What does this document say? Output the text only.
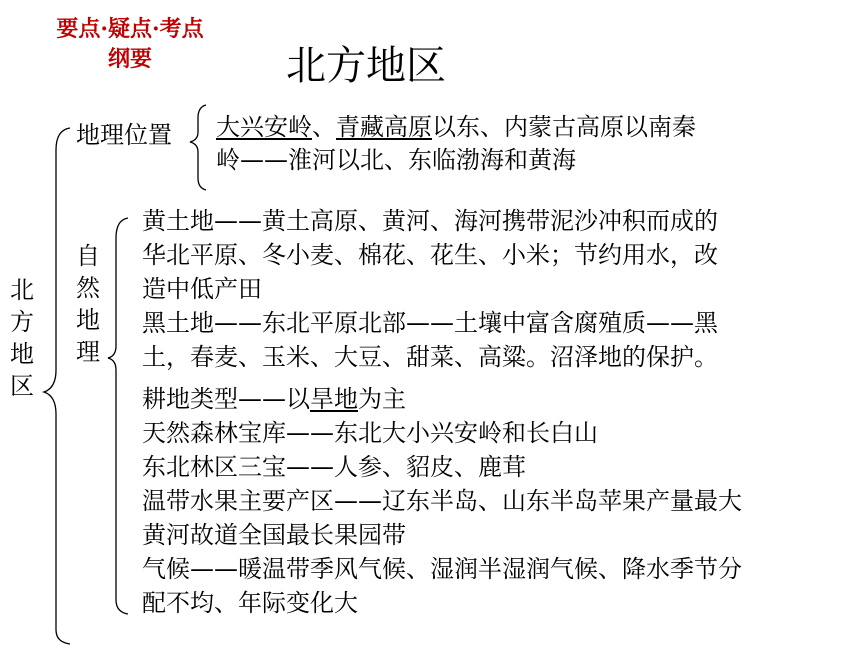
要点·疑点·考点
纲要	北方地区
北方地区
地理位置 大兴安岭、青藏高原以东、内蒙古高原以南秦
岭——淮河以北、东临渤海和黄海
自然地理
黄土地——黄土高原、黄河、海河携带泥沙冲积而成的
华北平原、冬小麦、棉花、花生、小米；节约用水，改
造中低产田
黑土地——东北平原北部——土壤中富含腐殖质——黑
土，春麦、玉米、大豆、甜菜、高粱。沼泽地的保护。
耕地类型——以旱地为主
天然森林宝库——东北大小兴安岭和长白山
东北林区三宝——人参、貂皮、鹿茸
温带水果主要产区——辽东半岛、山东半岛苹果产量最大
黄河故道全国最长果园带
气候——暖温带季风气候、湿润半湿润气候、降水季节分
配不均、年际变化大
